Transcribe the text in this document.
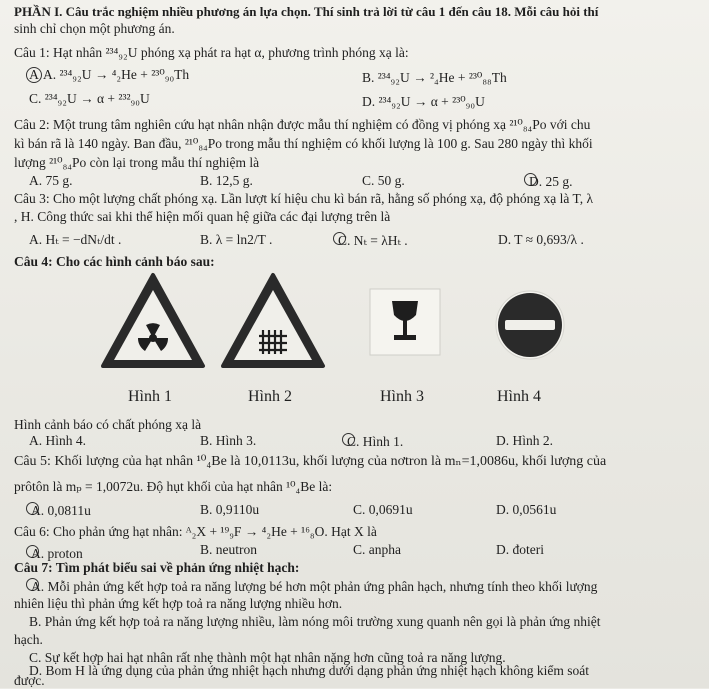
PHẦN I. Câu trắc nghiệm nhiều phương án lựa chọn. Thí sinh trả lời từ câu 1 đến câu 18. Mỗi câu hỏi thí
sinh chỉ chọn một phương án.
Câu 1: Hạt nhân ²³⁴₉₂U phóng xạ phát ra hạt α, phương trình phóng xạ là:
A A. ²³⁴₉₂U → ⁴₂He + ²³⁰₉₀Th	B. ²³⁴₉₂U → ²₄He + ²³⁰₈₈Th
C. ²³⁴₉₂U → α + ²³²₉₀U	D. ²³⁴₉₂U → α + ²³⁰₉₀U
Câu 2: Một trung tâm nghiên cứu hạt nhân nhận được mẫu thí nghiệm có đồng vị phóng xạ ²¹⁰₈₄Po với chu
kì bán rã là 140 ngày. Ban đầu, ²¹⁰₈₄Po trong mẫu thí nghiệm có khối lượng là 100 g. Sau 280 ngày thì khối
lượng ²¹⁰₈₄Po còn lại trong mẫu thí nghiệm là
A. 75 g.	B. 12,5 g.	C. 50 g.	D. 25 g.
Câu 3: Cho một lượng chất phóng xạ. Lần lượt kí hiệu chu kì bán rã, hằng số phóng xạ, độ phóng xạ là T, λ
, H. Công thức sai khi thể hiện mối quan hệ giữa các đại lượng trên là
A. Hₜ = −dNₜ/dt .	B. λ = ln2/T .	C. Nₜ = λHₜ .	D. T ≈ 0,693/λ .
Câu 4: Cho các hình cảnh báo sau:
Hình 1	Hình 2	Hình 3	Hình 4
Hình cảnh báo có chất phóng xạ là
A. Hình 4.	B. Hình 3.	C. Hình 1.	D. Hình 2.
Câu 5: Khối lượng của hạt nhân ¹⁰₄Be là 10,0113u, khối lượng của nơtron là mₙ=1,0086u, khối lượng của
prôtôn là mₚ = 1,0072u. Độ hụt khối của hạt nhân ¹⁰₄Be là:
A. 0,0811u	B. 0,9110u	C. 0,0691u	D. 0,0561u
Câu 6: Cho phản ứng hạt nhân: ᴬ₂X + ¹⁹₉F → ⁴₂He + ¹⁶₈O. Hạt X là
A. proton	B. neutron	C. anpha	D. đoteri
Câu 7: Tìm phát biểu sai về phản ứng nhiệt hạch:
A. Mỗi phản ứng kết hợp toả ra năng lượng bé hơn một phản ứng phân hạch, nhưng tính theo khối lượng
nhiên liệu thì phản ứng kết hợp toả ra năng lượng nhiều hơn.
B. Phản ứng kết hợp toả ra năng lượng nhiều, làm nóng môi trường xung quanh nên gọi là phản ứng nhiệt
hạch.
C. Sự kết hợp hai hạt nhân rất nhẹ thành một hạt nhân nặng hơn cũng toả ra năng lượng.
D. Bom H là ứng dụng của phản ứng nhiệt hạch nhưng dưới dạng phản ứng nhiệt hạch không kiểm soát
được.
